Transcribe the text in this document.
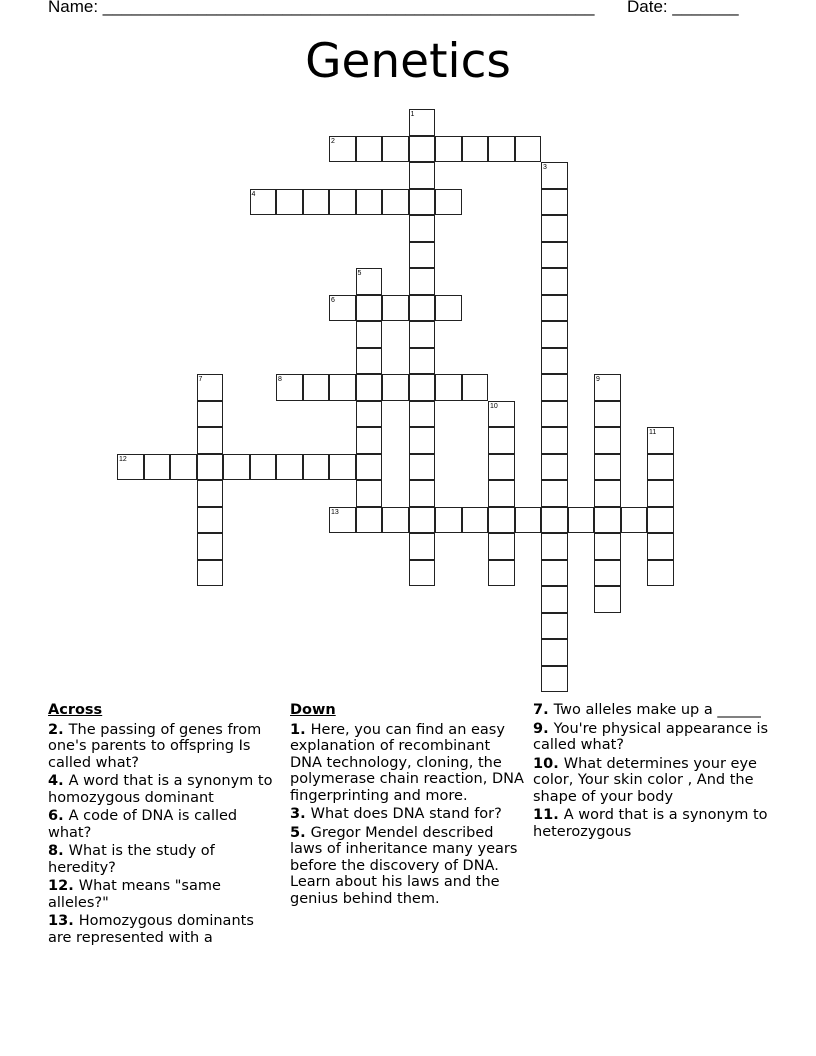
Name: ____________________________________________________ Date: _______
Genetics
1
2
3
4
5
6
7	8	9
10
11
12
13
Across
2. The passing of genes from one's parents to offspring Is called what?
4. A word that is a synonym to homozygous dominant
6. A code of DNA is called what?
8. What is the study of heredity?
12. What means "same alleles?"
13. Homozygous dominants are represented with a
Down
1. Here, you can find an easy explanation of recombinant DNA technology, cloning, the polymerase chain reaction, DNA fingerprinting and more.
3. What does DNA stand for?
5. Gregor Mendel described laws of inheritance many years before the discovery of DNA. Learn about his laws and the genius behind them.
7. Two alleles make up a ______
9. You're physical appearance is called what?
10. What determines your eye color, Your skin color , And the shape of your body
11. A word that is a synonym to heterozygous
